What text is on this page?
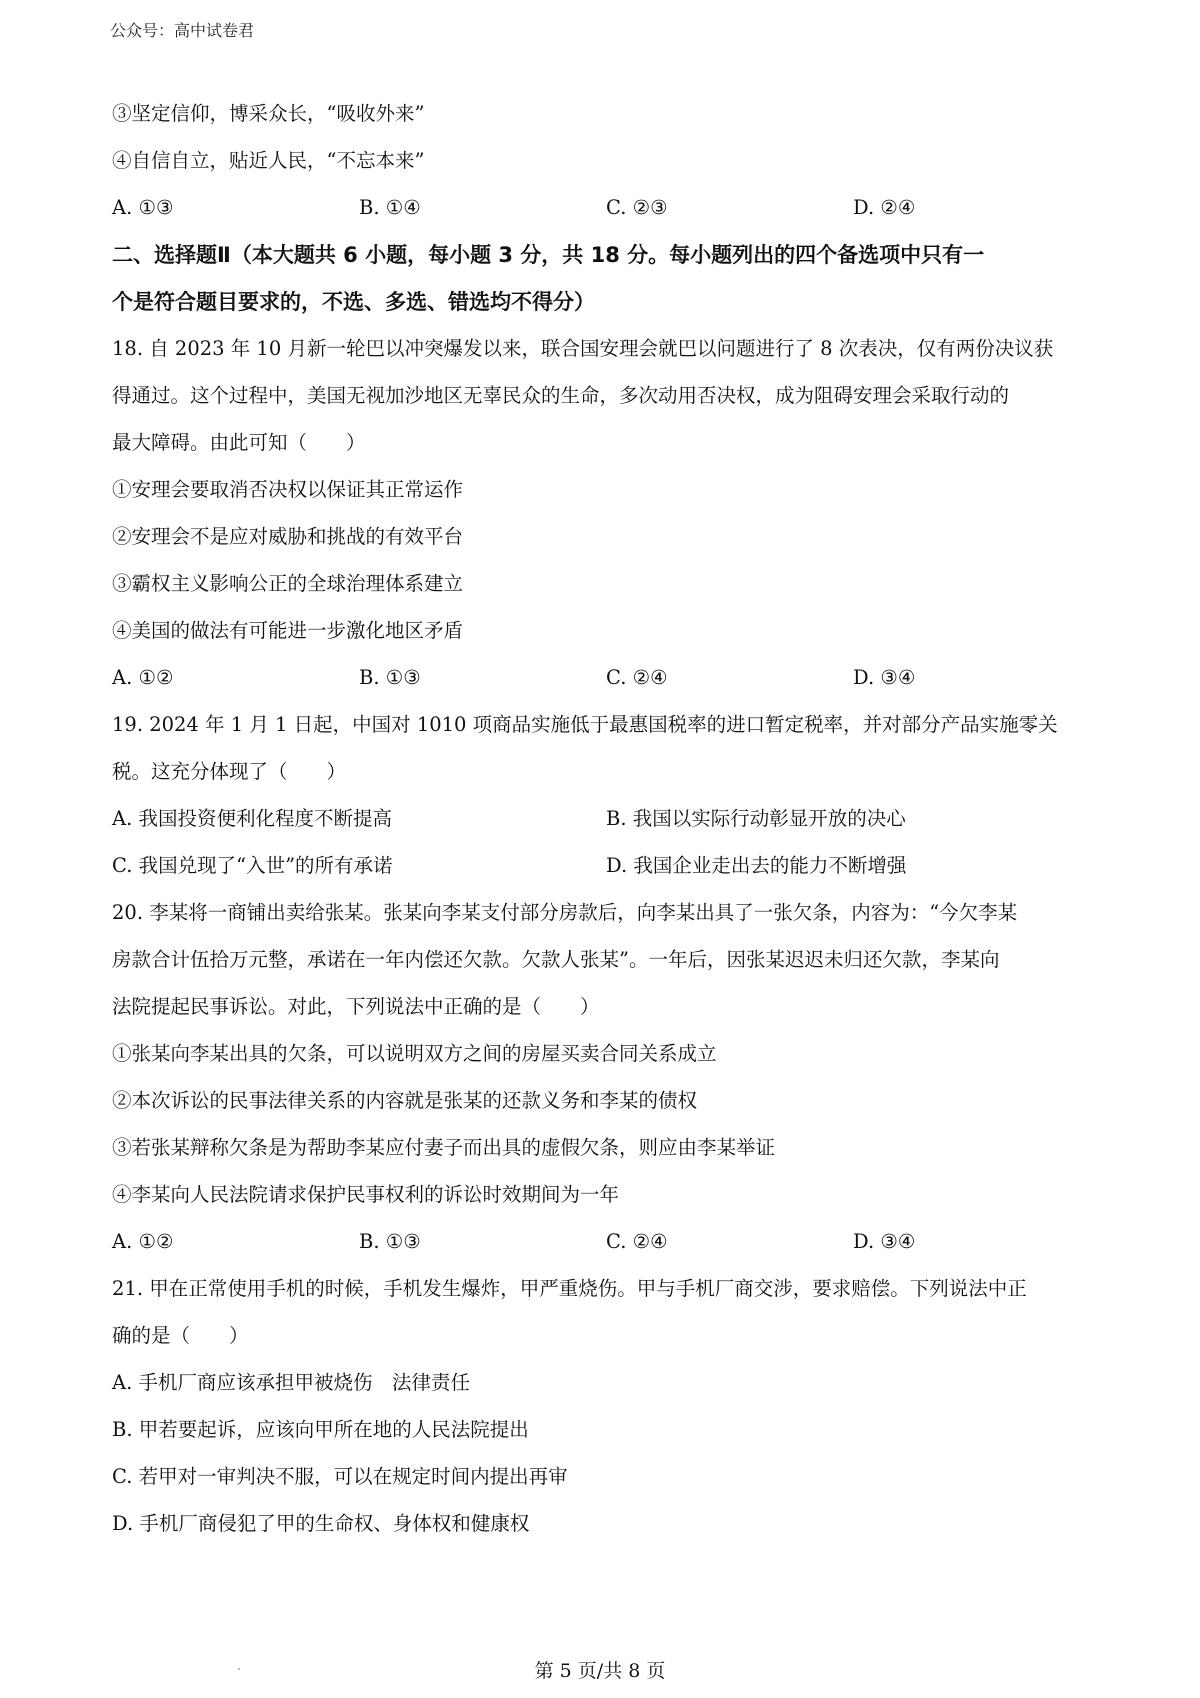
公众号：高中试卷君
③坚定信仰，博采众长，“吸收外来”
④自信自立，贴近人民，“不忘本来”
A. ①③	B. ①④	C. ②③	D. ②④
二、选择题Ⅱ（本大题共 6 小题，每小题 3 分，共 18 分。每小题列出的四个备选项中只有一
个是符合题目要求的，不选、多选、错选均不得分）
18. 自 2023 年 10 月新一轮巴以冲突爆发以来，联合国安理会就巴以问题进行了 8 次表决，仅有两份决议获
得通过。这个过程中，美国无视加沙地区无辜民众的生命，多次动用否决权，成为阻碍安理会采取行动的
最大障碍。由此可知（　　）
①安理会要取消否决权以保证其正常运作
②安理会不是应对威胁和挑战的有效平台
③霸权主义影响公正的全球治理体系建立
④美国的做法有可能进一步激化地区矛盾
A. ①②	B. ①③	C. ②④	D. ③④
19. 2024 年 1 月 1 日起，中国对 1010 项商品实施低于最惠国税率的进口暂定税率，并对部分产品实施零关
税。这充分体现了（　　）
A. 我国投资便利化程度不断提高	B. 我国以实际行动彰显开放的决心
C. 我国兑现了“入世”的所有承诺	D. 我国企业走出去的能力不断增强
20. 李某将一商铺出卖给张某。张某向李某支付部分房款后，向李某出具了一张欠条，内容为：“今欠李某
房款合计伍拾万元整，承诺在一年内偿还欠款。欠款人张某”。一年后，因张某迟迟未归还欠款，李某向
法院提起民事诉讼。对此，下列说法中正确的是（　　）
①张某向李某出具的欠条，可以说明双方之间的房屋买卖合同关系成立
②本次诉讼的民事法律关系的内容就是张某的还款义务和李某的债权
③若张某辩称欠条是为帮助李某应付妻子而出具的虚假欠条，则应由李某举证
④李某向人民法院请求保护民事权利的诉讼时效期间为一年
A. ①②	B. ①③	C. ②④	D. ③④
21. 甲在正常使用手机的时候，手机发生爆炸，甲严重烧伤。甲与手机厂商交涉，要求赔偿。下列说法中正
确的是（　　）
A. 手机厂商应该承担甲被烧伤　法律责任
B. 甲若要起诉，应该向甲所在地的人民法院提出
C. 若甲对一审判决不服，可以在规定时间内提出再审
D. 手机厂商侵犯了甲的生命权、身体权和健康权
第 5 页/共 8 页
